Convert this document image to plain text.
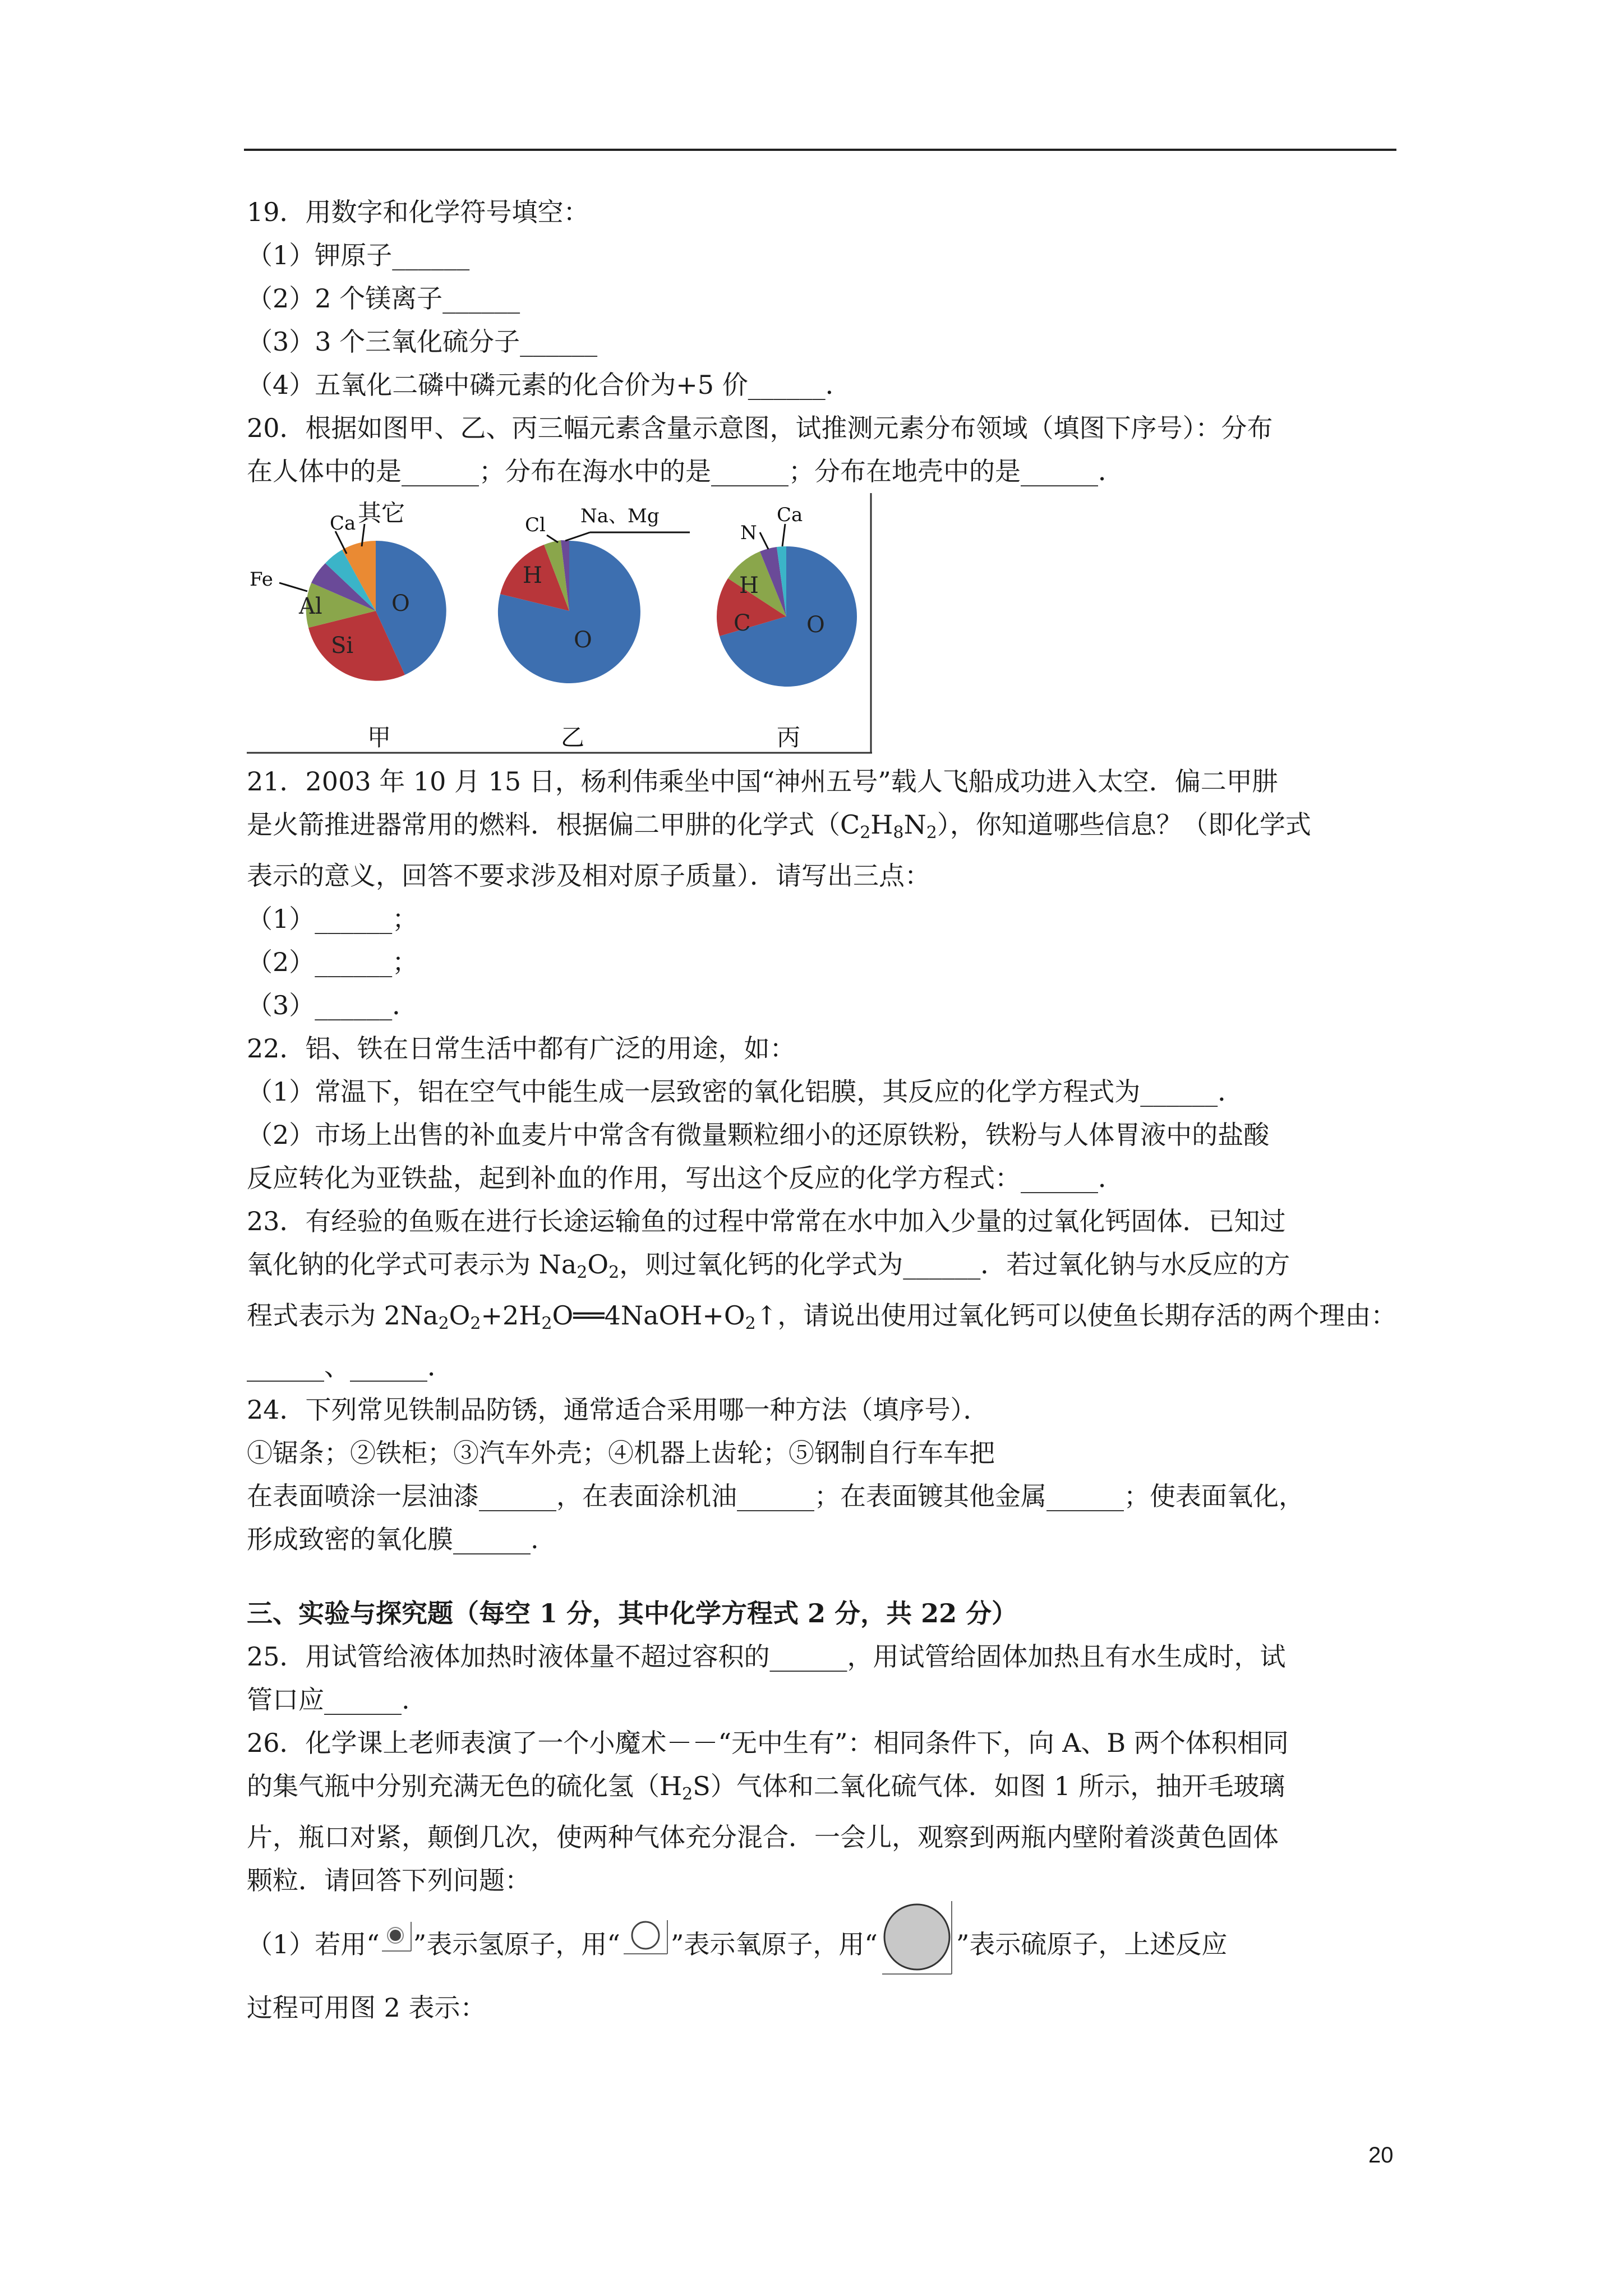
19．用数字和化学符号填空：
（1）钾原子______
（2）2 个镁离子______
（3）3 个三氧化硫分子______
（4）五氧化二磷中磷元素的化合价为+5 价______．
20．根据如图甲、乙、丙三幅元素含量示意图，试推测元素分布领域（填图下序号）：分布
在人体中的是______；分布在海水中的是______；分布在地壳中的是______．
Ca 其它
Fe
Al
Si
O
甲
Cl Na、Mg
H
O
乙
N
Ca
H
C O
丙
21．2003 年 10 月 15 日，杨利伟乘坐中国“神州五号”载人飞船成功进入太空．偏二甲肼
是火箭推进器常用的燃料．根据偏二甲肼的化学式$(C_2H_8N_2)$，你知道哪些信息？（即化学式
表示的意义，回答不要求涉及相对原子质量）．请写出三点：
（1）______；
（2）______；
（3）______．
22．铝、铁在日常生活中都有广泛的用途，如：
（1）常温下，铝在空气中能生成一层致密的氧化铝膜，其反应的化学方程式为______．
（2）市场上出售的补血麦片中常含有微量颗粒细小的还原铁粉，铁粉与人体胃液中的盐酸
反应转化为亚铁盐，起到补血的作用，写出这个反应的化学方程式：______．
23．有经验的鱼贩在进行长途运输鱼的过程中常常在水中加入少量的过氧化钙固体．已知过
氧化钠的化学式可表示为 $Na_2O_2$，则过氧化钙的化学式为______．若过氧化钠与水反应的方
程式表示为 $2Na_2O_2+2H_2O══4NaOH+O_2↑$，请说出使用过氧化钙可以使鱼长期存活的两个理由：
______、______．
24．下列常见铁制品防锈，通常适合采用哪一种方法（填序号）．
①锯条；②铁柜；③汽车外壳；④机器上齿轮；⑤钢制自行车车把
在表面喷涂一层油漆______，在表面涂机油______；在表面镀其他金属______；使表面氧化，
形成致密的氧化膜______.
三、实验与探究题（每空 1 分，其中化学方程式 2 分，共 22 分）
25．用试管给液体加热时液体量不超过容积的______，用试管给固体加热且有水生成时，试
管口应______.
26．化学课上老师表演了一个小魔术－－“无中生有”：相同条件下，向 A、B 两个体积相同
的集气瓶中分别充满无色的硫化氢$(H_2S)$气体和二氧化硫气体．如图 1 所示，抽开毛玻璃
片，瓶口对紧，颠倒几次，使两种气体充分混合．一会儿，观察到两瓶内壁附着淡黄色固体
颗粒．请回答下列问题：
（1）若用“ ”表示氢原子，用“ ”表示氧原子，用“	”表示硫原子，上述反应
过程可用图 2 表示：
20
